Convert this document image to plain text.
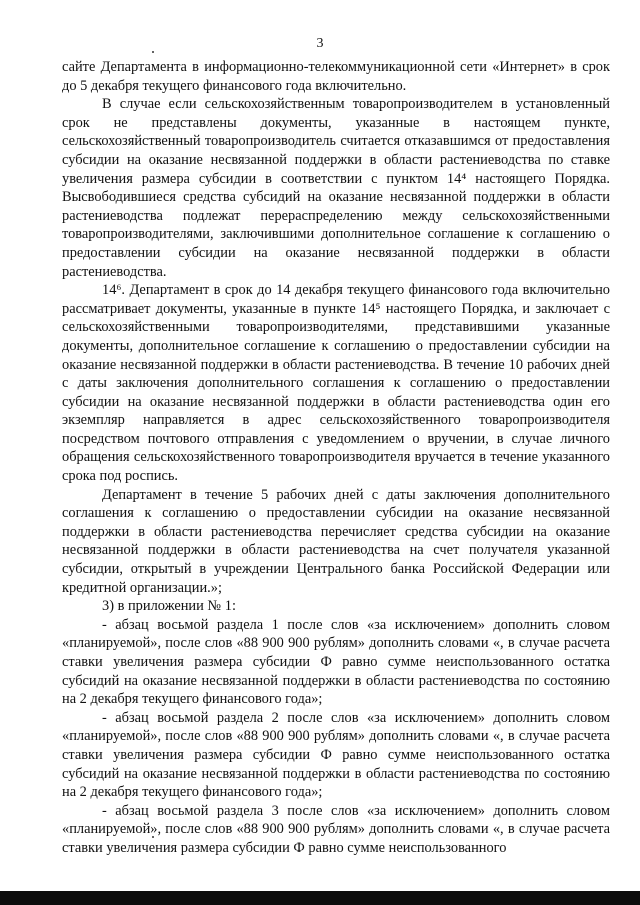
3

сайте Департамента в информационно-телекоммуникационной сети «Интернет» в срок до 5 декабря текущего финансового года включительно.

В случае если сельскохозяйственным товаропроизводителем в установленный срок не представлены документы, указанные в настоящем пункте, сельскохозяйственный товаропроизводитель считается отказавшимся от предоставления субсидии на оказание несвязанной поддержки в области растениеводства по ставке увеличения размера субсидии в соответствии с пунктом 14⁴ настоящего Порядка. Высвободившиеся средства субсидий на оказание несвязанной поддержки в области растениеводства подлежат перераспределению между сельскохозяйственными товаропроизводителями, заключившими дополнительное соглашение к соглашению о предоставлении субсидии на оказание несвязанной поддержки в области растениеводства.

14⁶. Департамент в срок до 14 декабря текущего финансового года включительно рассматривает документы, указанные в пункте 14⁵ настоящего Порядка, и заключает с сельскохозяйственными товаропроизводителями, представившими указанные документы, дополнительное соглашение к соглашению о предоставлении субсидии на оказание несвязанной поддержки в области растениеводства. В течение 10 рабочих дней с даты заключения дополнительного соглашения к соглашению о предоставлении субсидии на оказание несвязанной поддержки в области растениеводства один его экземпляр направляется в адрес сельскохозяйственного товаропроизводителя посредством почтового отправления с уведомлением о вручении, в случае личного обращения сельскохозяйственного товаропроизводителя вручается в течение указанного срока под роспись.

Департамент в течение 5 рабочих дней с даты заключения дополнительного соглашения к соглашению о предоставлении субсидии на оказание несвязанной поддержки в области растениеводства перечисляет средства субсидии на оказание несвязанной поддержки в области растениеводства на счет получателя указанной субсидии, открытый в учреждении Центрального банка Российской Федерации или кредитной организации.»;

3) в приложении № 1:

- абзац восьмой раздела 1 после слов «за исключением» дополнить словом «планируемой», после слов «88 900 900 рублям» дополнить словами «, в случае расчета ставки увеличения размера субсидии Ф равно сумме неиспользованного остатка субсидий на оказание несвязанной поддержки в области растениеводства по состоянию на 2 декабря текущего финансового года»;

- абзац восьмой раздела 2 после слов «за исключением» дополнить словом «планируемой», после слов «88 900 900 рублям» дополнить словами «, в случае расчета ставки увеличения размера субсидии Ф равно сумме неиспользованного остатка субсидий на оказание несвязанной поддержки в области растениеводства по состоянию на 2 декабря текущего финансового года»;

- абзац восьмой раздела 3 после слов «за исключением» дополнить словом «планируемой», после слов «88 900 900 рублям» дополнить словами «, в случае расчета ставки увеличения размера субсидии Ф равно сумме неиспользованного
